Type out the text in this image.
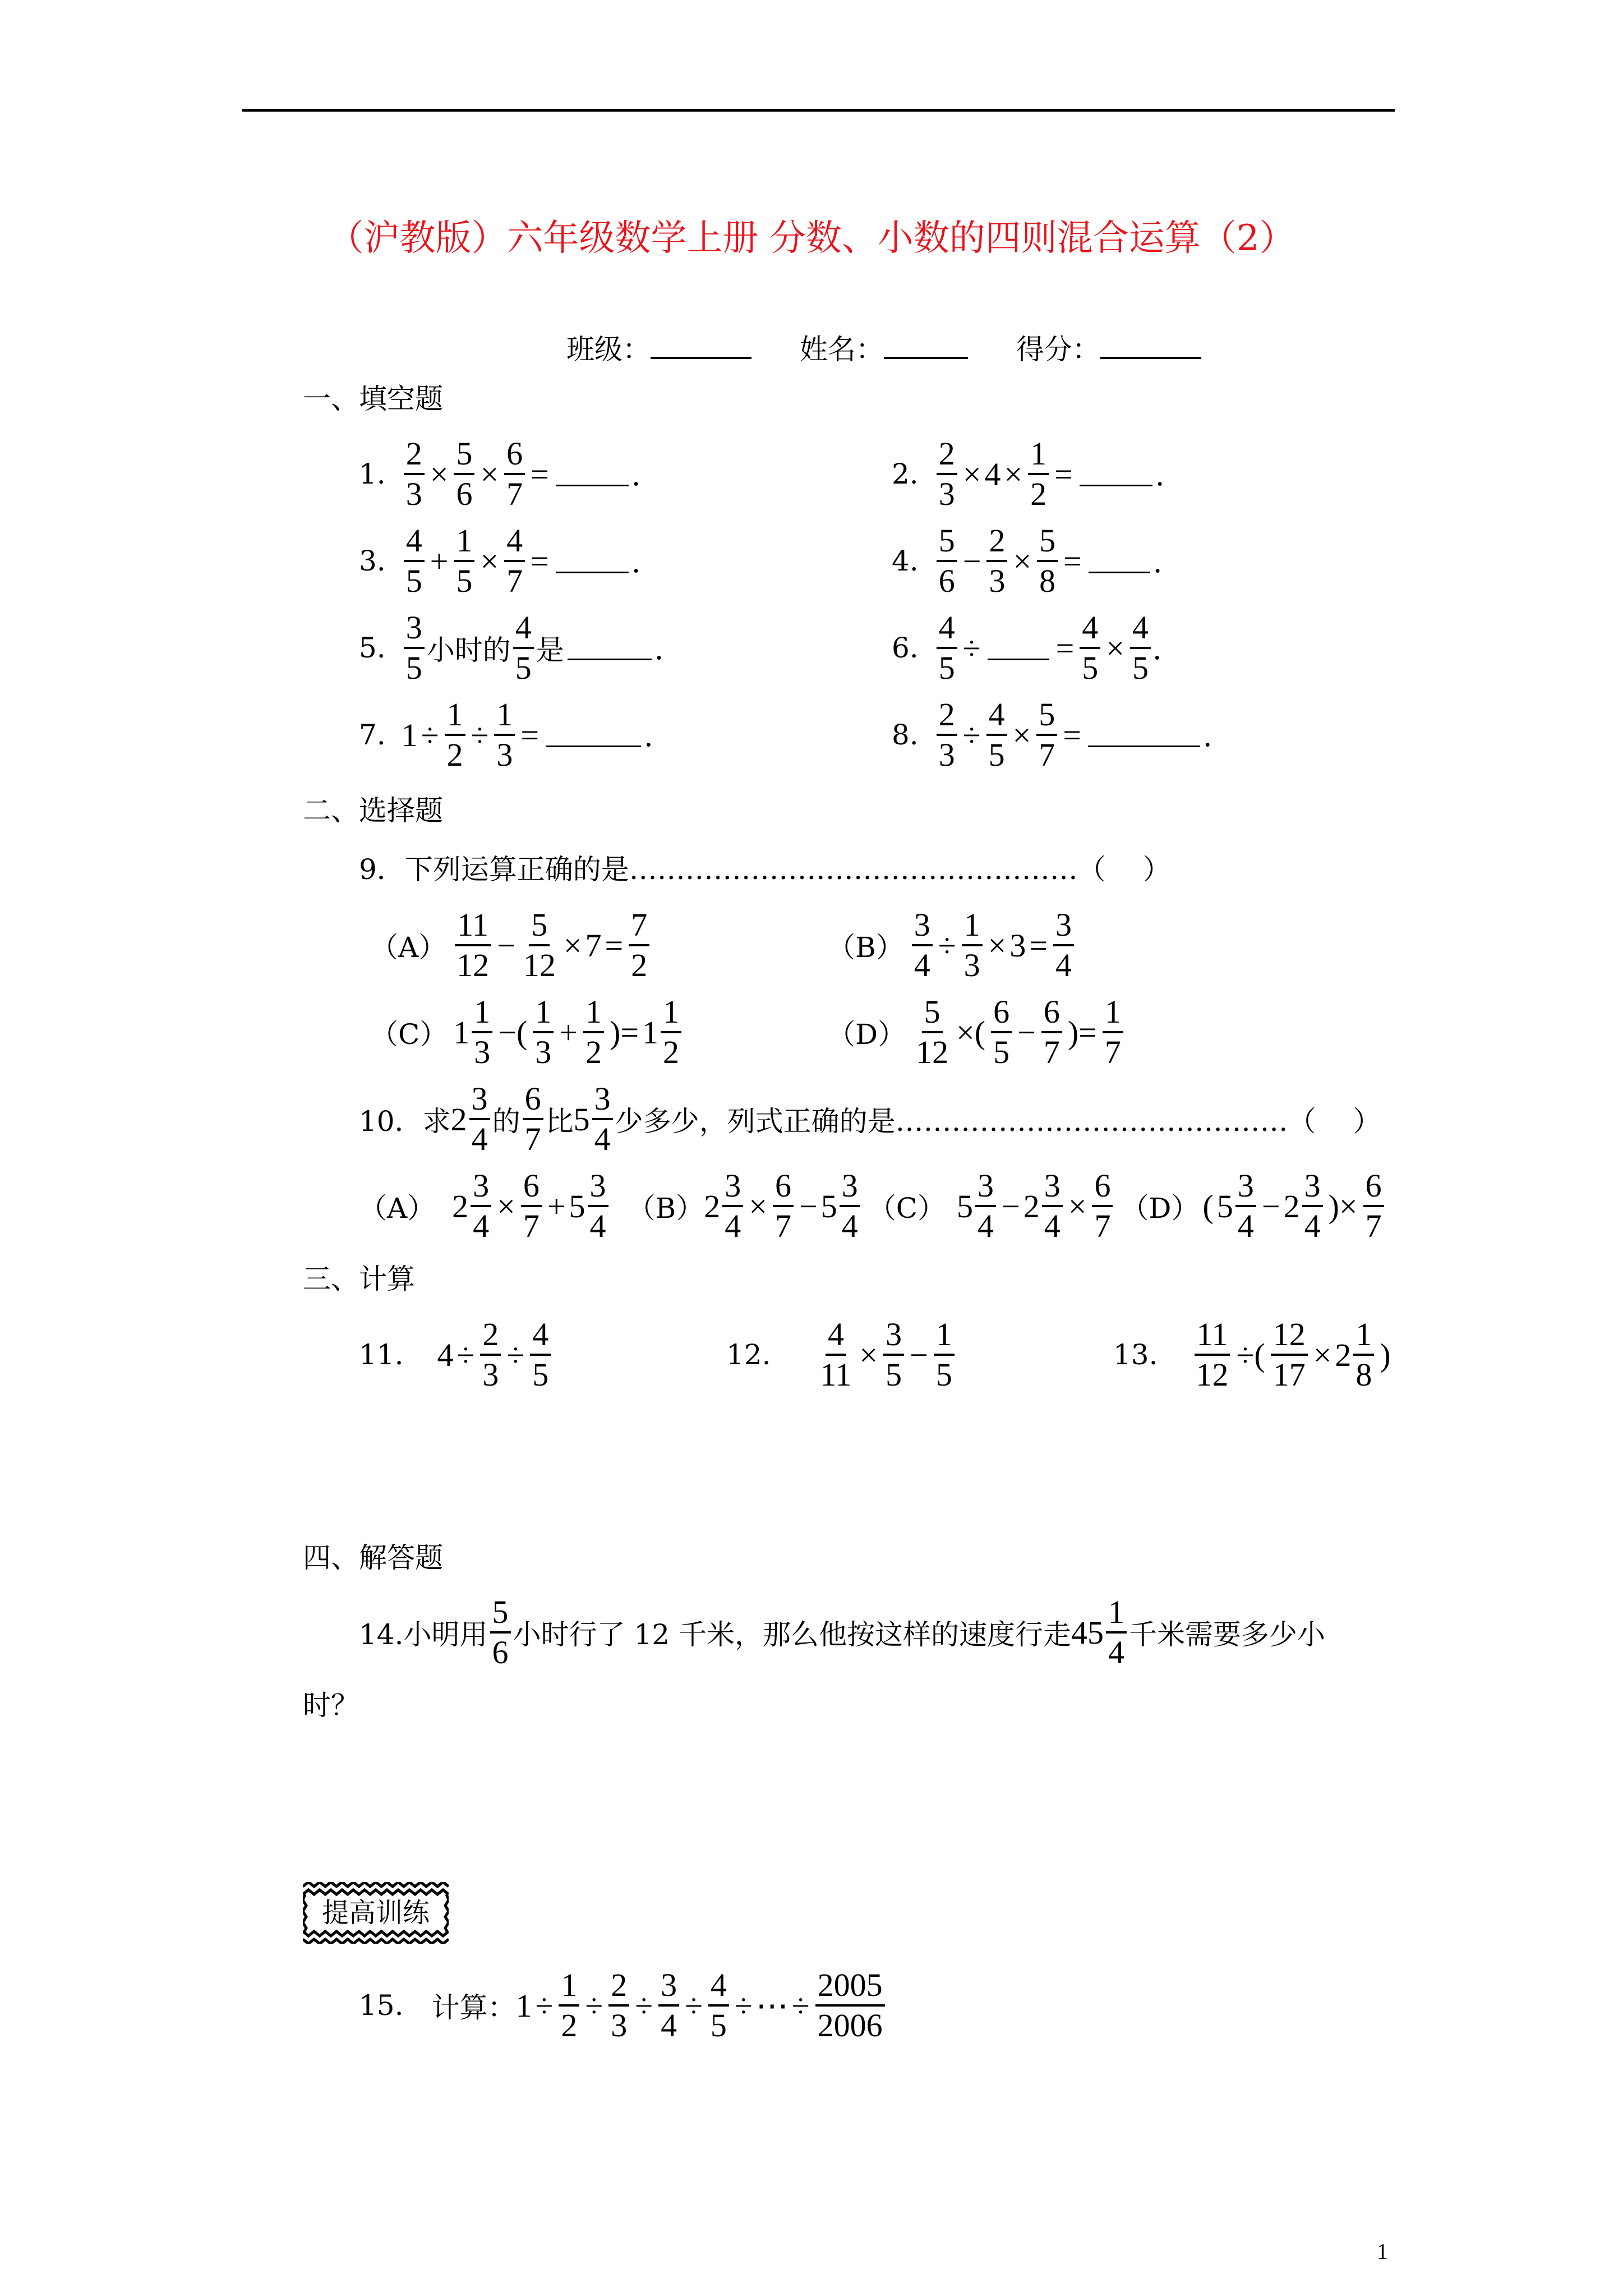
（沪教版）六年级数学上册 分数、小数的四则混合运算（2）
班级：	姓名：	得分：
一、填空题
1. $\frac{2}{3} \times \frac{5}{6} \times \frac{6}{7}$ =	.	2. $\frac{2}{3} \times 4 \times \frac{1}{2}$ =	.
3. $\frac{4}{5} + \frac{1}{5} \times \frac{4}{7}$ =	.	4. $\frac{5}{6} - \frac{2}{3} \times \frac{5}{8}$ = .
5. $\frac{3}{5}$ 小时的 $\frac{4}{5}$ 是	.	6. $\frac{4}{5}$ ÷ = $\frac{4}{5} \times \frac{4}{5}$ .
7. $1 \div \frac{1}{2} \div \frac{1}{3}$ =	.	8. $\frac{2}{3} \div \frac{4}{5} \times \frac{5}{7}$ =	.
二、选择题
9．下列运算正确的是…………………………………………（　 ）
$(A) \frac{11}{12} - \frac{5}{12} \times 7 = \frac{7}{2}$	$(B) \frac{3}{4} \div \frac{1}{3} \times 3 = \frac{3}{4}$
（C） $1 \frac{1}{3}$ −( $\frac{1}{3} + \frac{1}{2}$ )= $1 \frac{1}{2}$	$(D) \frac{5}{12}$ ×( $\frac{6}{5} - \frac{6}{7}$ )= $\frac{1}{7}$
10．求 $2 \frac{3}{4}$ 的 $\frac{6}{7}$ 比 $5 \frac{3}{4}$ 少多少，列式正确的是……………………………………（　 ）
（A） $2 \frac{3}{4} \times \frac{6}{7} + 5 \frac{3}{4} (B)$ $2 \frac{3}{4} \times \frac{6}{7} - 5 \frac{3}{4} (C)$ $5 \frac{3}{4} - 2 \frac{3}{4} \times \frac{6}{7} (D)$ ( $5 \frac{3}{4} - 2 \frac{3}{4}$ )× $\frac{6}{7}$
三、计算
11. $4 \div \frac{2}{3} \div \frac{4}{5}$	12. $\frac{4}{11} \times \frac{3}{5} - \frac{1}{5}$	13. $\frac{11}{12}$ ÷( $\frac{12}{17} \times 2 \frac{1}{8}$ )
四、解答题
14.小明用 $\frac{5}{6}$ 小时行了 12 千米，那么他按这样的速度行走 $45 \frac{1}{4}$ 千米需要多少小
时？
提高训练
15. 计算： $1 \div \frac{1}{2} \div \frac{2}{3} \div \frac{3}{4} \div \frac{4}{5}$ ÷ ⋯ ÷ $\frac{2005}{2006}$
1
